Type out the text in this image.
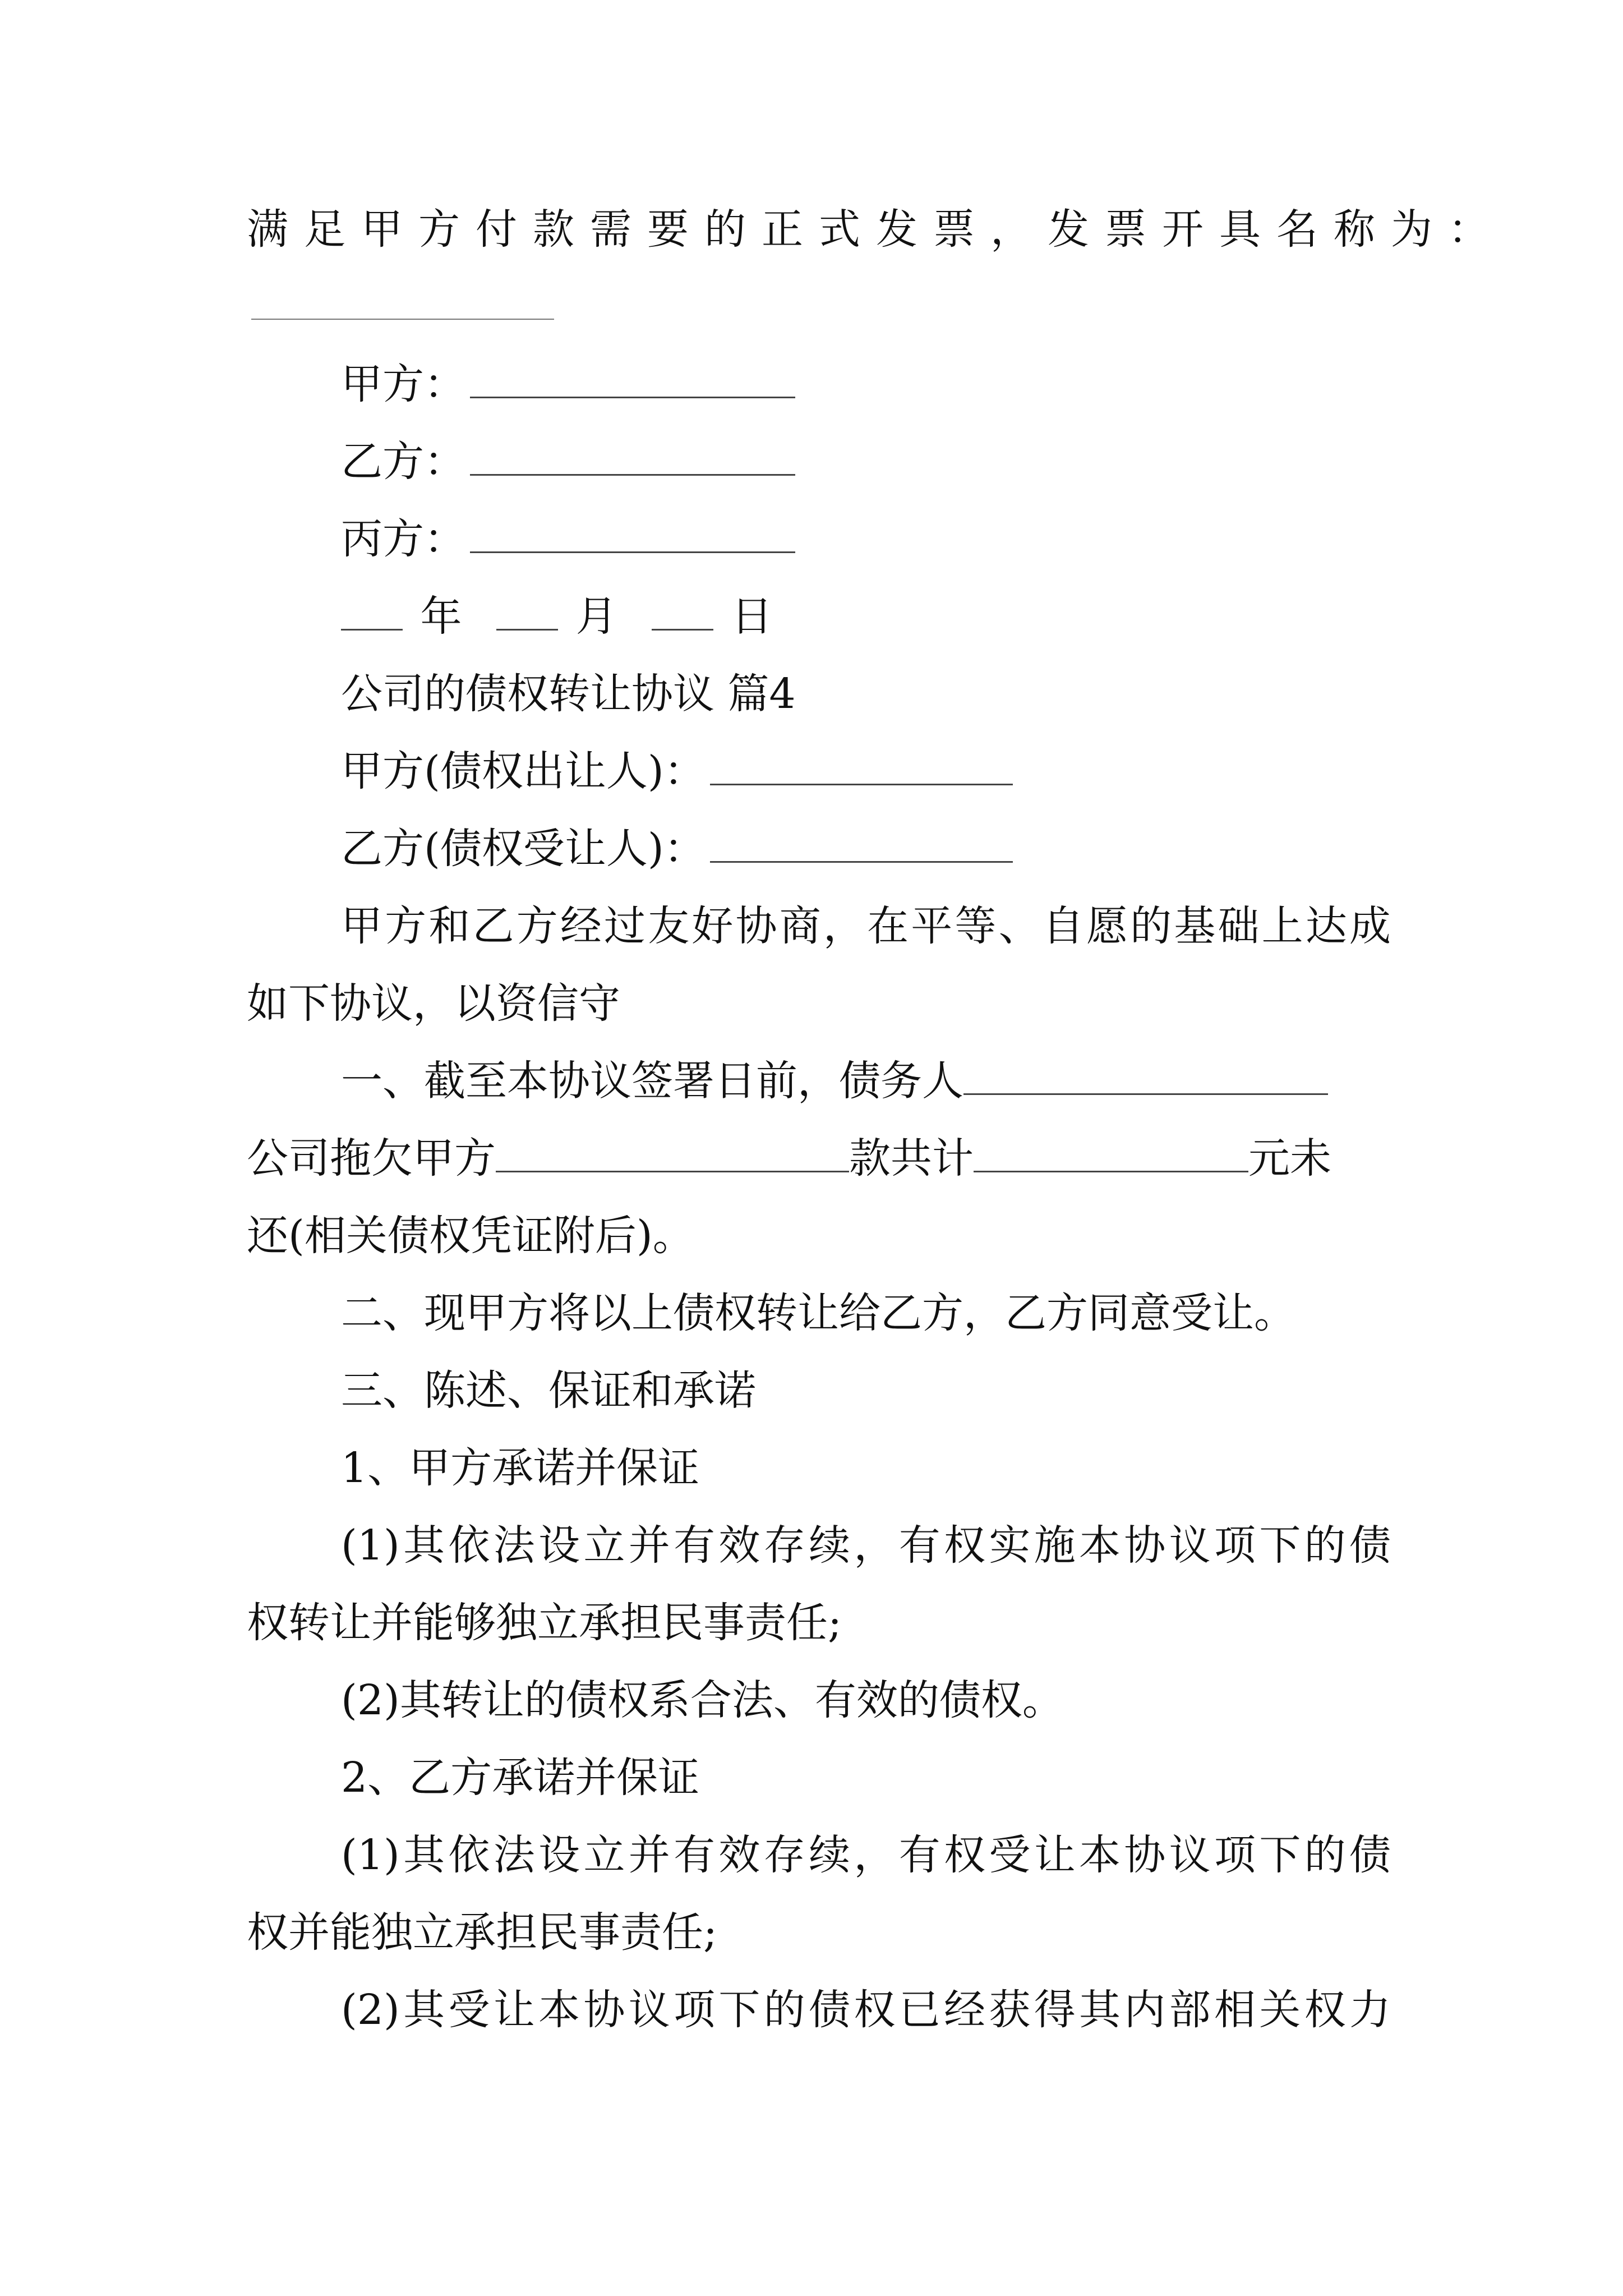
满足甲方付款需要的正式发票，发票开具名称为：
甲方：
乙方：
丙方：
年	月	日
公司的债权转让协议 篇4
甲方(债权出让人)：
乙方(债权受让人)：
甲方和乙方经过友好协商，在平等、自愿的基础上达成
如下协议，以资信守
一、截至本协议签署日前，债务人
公司拖欠甲方	款共计	元未
还(相关债权凭证附后)。
二、现甲方将以上债权转让给乙方，乙方同意受让。
三、陈述、保证和承诺
1、甲方承诺并保证
(1)其依法设立并有效存续，有权实施本协议项下的债
权转让并能够独立承担民事责任;
(2)其转让的债权系合法、有效的债权。
2、乙方承诺并保证
(1)其依法设立并有效存续，有权受让本协议项下的债
权并能独立承担民事责任;
(2)其受让本协议项下的债权已经获得其内部相关权力
